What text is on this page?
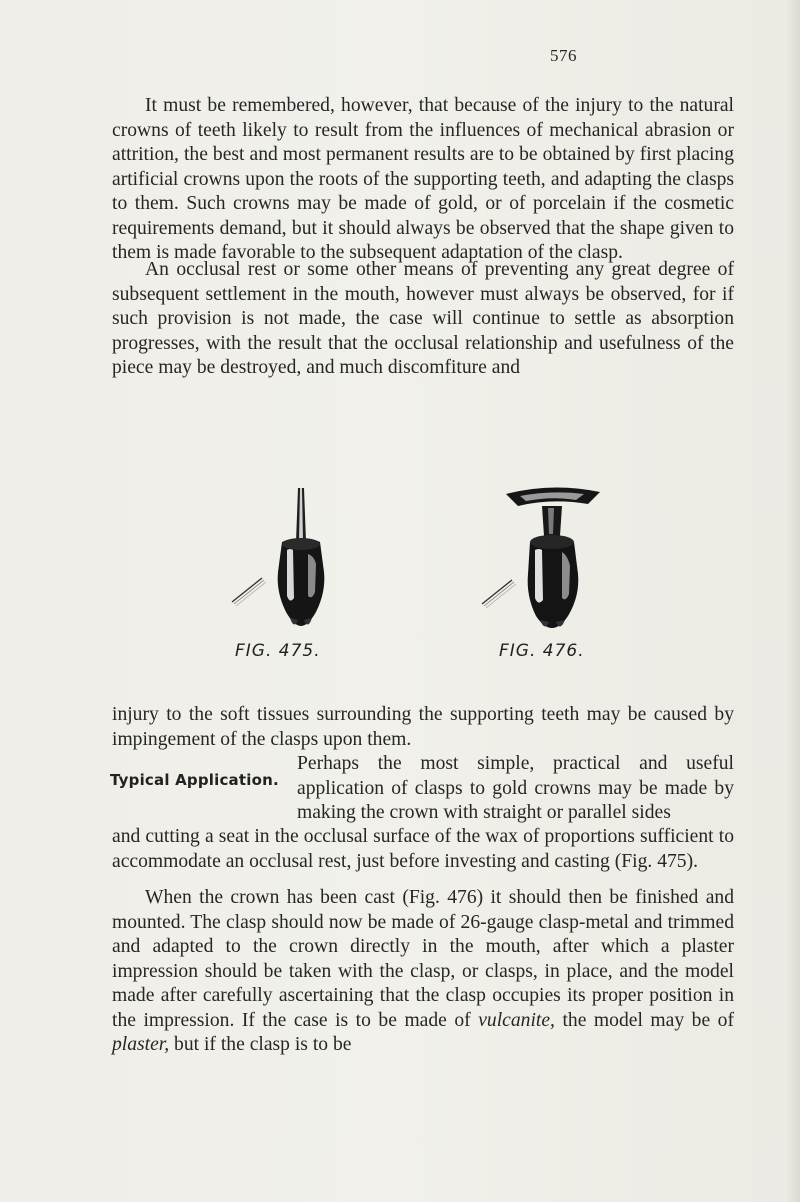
576

It must be remembered, however, that because of the injury to the natural crowns of teeth likely to result from the influences of mechanical abrasion or attrition, the best and most permanent results are to be obtained by first placing artificial crowns upon the roots of the supporting teeth, and adapting the clasps to them. Such crowns may be made of gold, or of porcelain if the cosmetic requirements demand, but it should always be observed that the shape given to them is made favorable to the subsequent adaptation of the clasp.

An occlusal rest or some other means of preventing any great degree of subsequent settlement in the mouth, however must always be observed, for if such provision is not made, the case will continue to settle as absorption progresses, with the result that the occlusal relationship and usefulness of the piece may be destroyed, and much discomfiture and

FIG. 475.	FIG. 476.

injury to the soft tissues surrounding the supporting teeth may be caused by impingement of the clasps upon them.

Typical Application.

Perhaps the most simple, practical and useful application of clasps to gold crowns may be made by making the crown with straight or parallel sides

and cutting a seat in the occlusal surface of the wax of proportions sufficient to accommodate an occlusal rest, just before investing and casting (Fig. 475).

When the crown has been cast (Fig. 476) it should then be finished and mounted. The clasp should now be made of 26-gauge clasp-metal and trimmed and adapted to the crown directly in the mouth, after which a plaster impression should be taken with the clasp, or clasps, in place, and the model made after carefully ascertaining that the clasp occupies its proper position in the impression. If the case is to be made of vulcanite, the model may be of plaster, but if the clasp is to be
